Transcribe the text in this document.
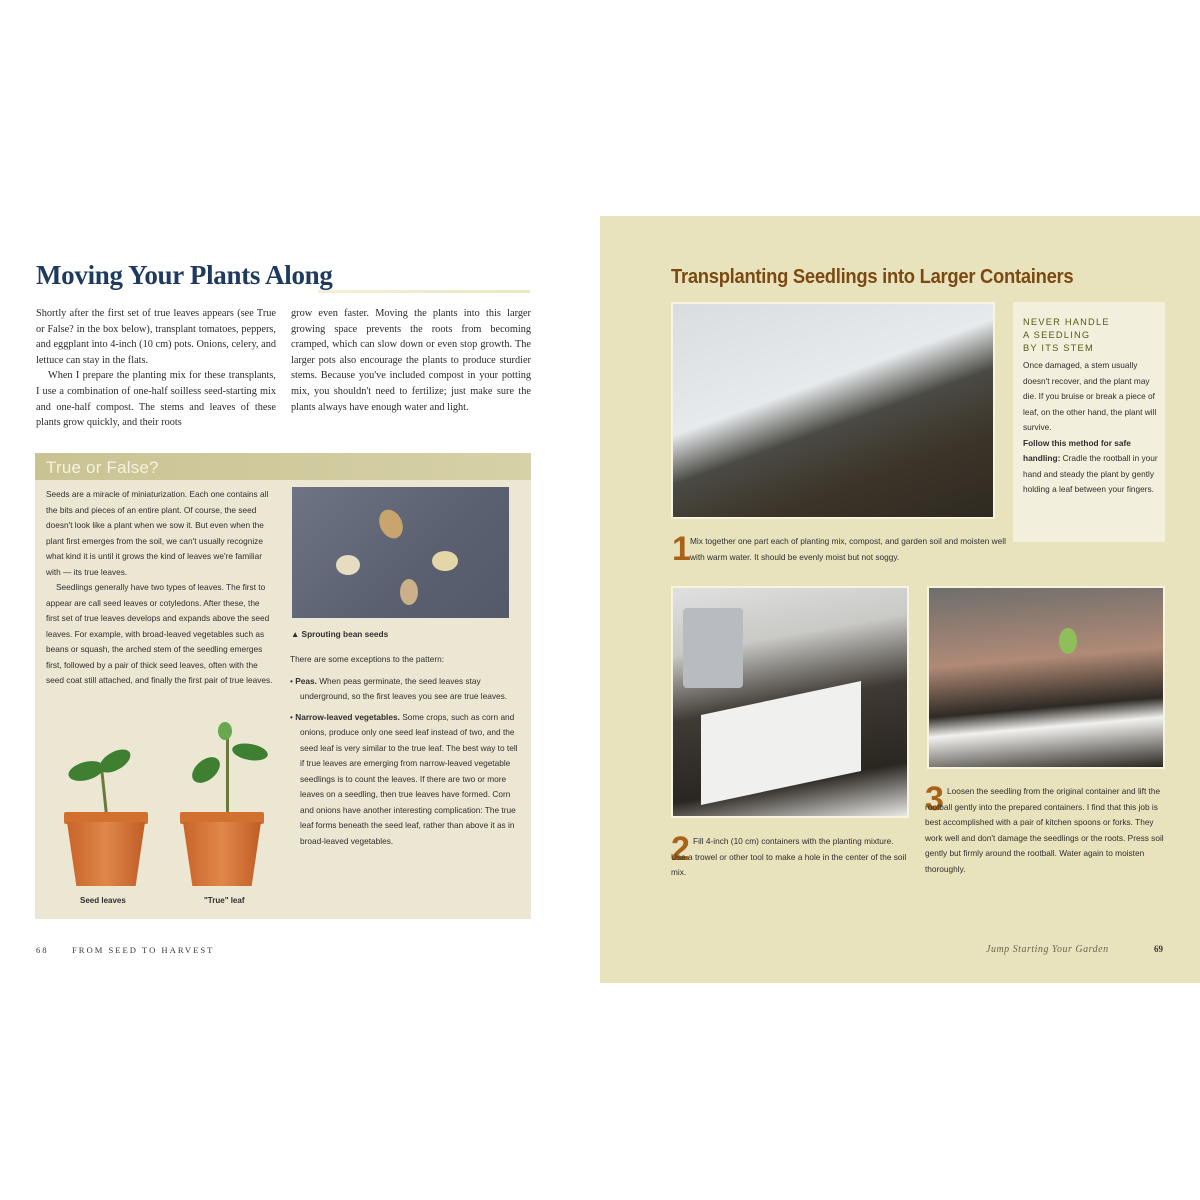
Moving Your Plants Along

Shortly after the first set of true leaves appears (see True or False? in the box below), transplant tomatoes, peppers, and eggplant into 4-inch (10 cm) pots. Onions, celery, and lettuce can stay in the flats.

When I prepare the planting mix for these transplants, I use a combination of one-half soilless seed-starting mix and one-half compost. The stems and leaves of these plants grow quickly, and their roots

grow even faster. Moving the plants into this larger growing space prevents the roots from becoming cramped, which can slow down or even stop growth. The larger pots also encourage the plants to produce sturdier stems. Because you've included compost in your potting mix, you shouldn't need to fertilize; just make sure the plants always have enough water and light.

True or False?

Seeds are a miracle of miniaturization. Each one contains all the bits and pieces of an entire plant. Of course, the seed doesn't look like a plant when we sow it. But even when the plant first emerges from the soil, we can't usually recognize what kind it is until it grows the kind of leaves we're familiar with — its true leaves.

Seedlings generally have two types of leaves. The first to appear are call seed leaves or cotyledons. After these, the first set of true leaves develops and expands above the seed leaves. For example, with broad-leaved vegetables such as beans or squash, the arched stem of the seedling emerges first, followed by a pair of thick seed leaves, often with the seed coat still attached, and finally the first pair of true leaves.

▲ Sprouting bean seeds

There are some exceptions to the pattern:

• Peas. When peas germinate, the seed leaves stay underground, so the first leaves you see are true leaves.
• Narrow-leaved vegetables. Some crops, such as corn and onions, produce only one seed leaf instead of two, and the seed leaf is very similar to the true leaf. The best way to tell if true leaves are emerging from narrow-leaved vegetable seedlings is to count the leaves. If there are two or more leaves on a seedling, then true leaves have formed. Corn and onions have another interesting complication: The true leaf forms beneath the seed leaf, rather than above it as in broad-leaved vegetables.
Seed leaves	"True" leaf
68	FROM SEED TO HARVEST
Transplanting Seedlings into Larger Containers
NEVER HANDLE
A SEEDLING
BY ITS STEM

Once damaged, a stem usually doesn't recover, and the plant may die. If you bruise or break a piece of leaf, on the other hand, the plant will survive.

Follow this method for safe handling: Cradle the rootball in your hand and steady the plant by gently holding a leaf between your fingers.

1 Mix together one part each of planting mix, compost, and garden soil and moisten well with warm water. It should be evenly moist but not soggy.
2 Fill 4-inch (10 cm) containers with the planting mixture. Use a trowel or other tool to make a hole in the center of the soil mix.
3 Loosen the seedling from the original container and lift the rootball gently into the prepared containers. I find that this job is best accomplished with a pair of kitchen spoons or forks. They work well and don't damage the seedlings or the roots. Press soil gently but firmly around the rootball. Water again to moisten thoroughly.
Jump Starting Your Garden	69
